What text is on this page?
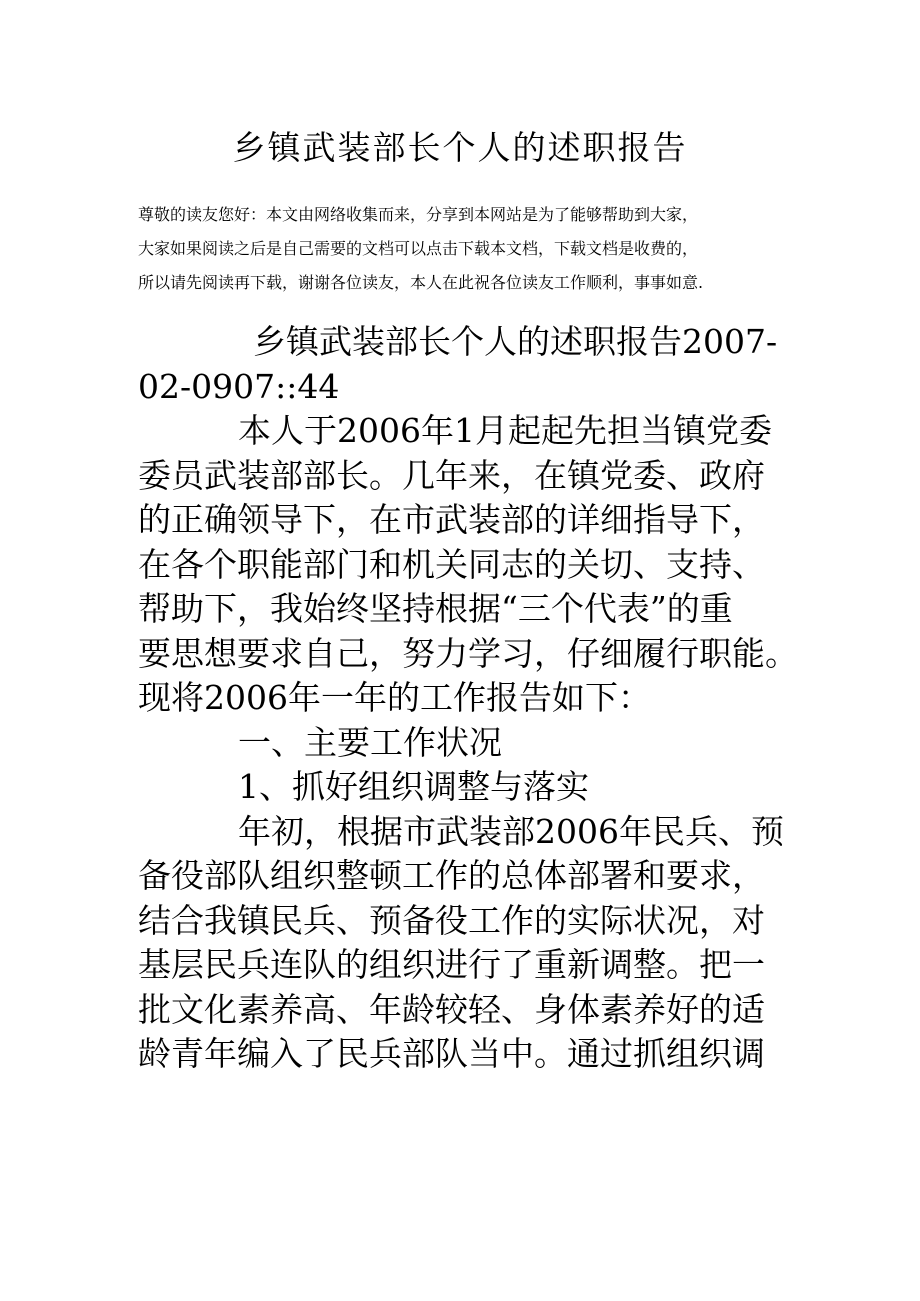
乡镇武装部长个人的述职报告

尊敬的读友您好：本文由网络收集而来，分享到本网站是为了能够帮助到大家，

大家如果阅读之后是自己需要的文档可以点击下载本文档，下载文档是收费的，

所以请先阅读再下载，谢谢各位读友，本人在此祝各位读友工作顺利，事事如意.

乡镇武装部长个人的述职报告2007-

02-0907::44

本人于2006年1月起起先担当镇党委

委员武装部部长。几年来，在镇党委、政府

的正确领导下，在市武装部的详细指导下，

在各个职能部门和机关同志的关切、支持、

帮助下，我始终坚持根据“三个代表”的重

要思想要求自己，努力学习，仔细履行职能。

现将2006年一年的工作报告如下：

一、主要工作状况

1、抓好组织调整与落实

年初，根据市武装部2006年民兵、预

备役部队组织整顿工作的总体部署和要求，

结合我镇民兵、预备役工作的实际状况，对

基层民兵连队的组织进行了重新调整。把一

批文化素养高、年龄较轻、身体素养好的适

龄青年编入了民兵部队当中。通过抓组织调
